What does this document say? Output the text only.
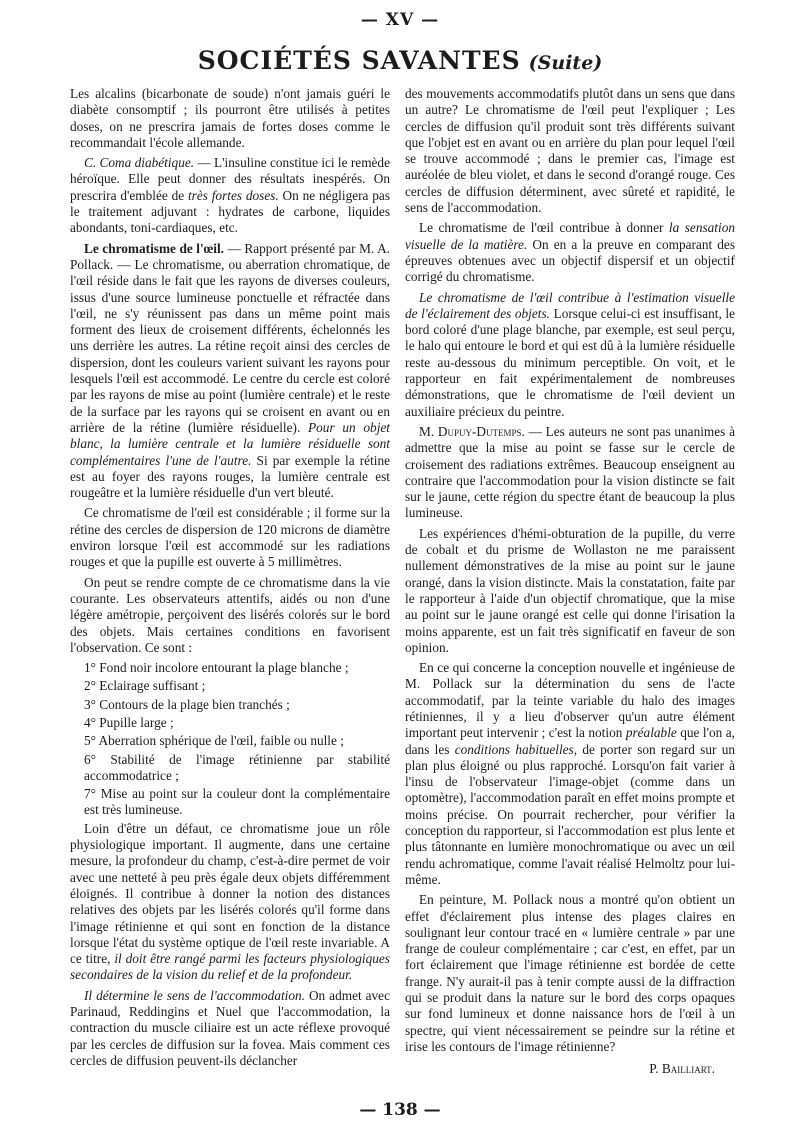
— XV —
SOCIÉTÉS SAVANTES (Suite)

Les alcalins (bicarbonate de soude) n'ont jamais guéri le diabète consomptif ; ils pourront être utilisés à petites doses, on ne prescrira jamais de fortes doses comme le recommandait l'école allemande.

C. Coma diabétique. — L'insuline constitue ici le remède héroïque. Elle peut donner des résultats inespérés. On prescrira d'emblée de très fortes doses. On ne négligera pas le traitement adjuvant : hydrates de carbone, liquides abondants, toni-cardiaques, etc.

Le chromatisme de l'œil. — Rapport présenté par M. A. Pollack. — Le chromatisme, ou aberration chromatique, de l'œil réside dans le fait que les rayons de diverses couleurs, issus d'une source lumineuse ponctuelle et réfractée dans l'œil, ne s'y réunissent pas dans un même point mais forment des lieux de croisement différents, échelonnés les uns derrière les autres. La rétine reçoit ainsi des cercles de dispersion, dont les couleurs varient suivant les rayons pour lesquels l'œil est accommodé. Le centre du cercle est coloré par les rayons de mise au point (lumière centrale) et le reste de la surface par les rayons qui se croisent en avant ou en arrière de la rétine (lumière résiduelle). Pour un objet blanc, la lumière centrale et la lumière résiduelle sont complémentaires l'une de l'autre. Si par exemple la rétine est au foyer des rayons rouges, la lumière centrale est rougeâtre et la lumière résiduelle d'un vert bleuté.

Ce chromatisme de l'œil est considérable ; il forme sur la rétine des cercles de dispersion de 120 microns de diamètre environ lorsque l'œil est accommodé sur les radiations rouges et que la pupille est ouverte à 5 millimètres.

On peut se rendre compte de ce chromatisme dans la vie courante. Les observateurs attentifs, aidés ou non d'une légère amétropie, perçoivent des lisérés colorés sur le bord des objets. Mais certaines conditions en favorisent l'observation. Ce sont :

1° Fond noir incolore entourant la plage blanche ;

2° Eclairage suffisant ;

3° Contours de la plage bien tranchés ;

4° Pupille large ;

5° Aberration sphérique de l'œil, faible ou nulle ;

6° Stabilité de l'image rétinienne par stabilité accommodatrice ;

7° Mise au point sur la couleur dont la complémentaire est très lumineuse.

Loin d'être un défaut, ce chromatisme joue un rôle physiologique important. Il augmente, dans une certaine mesure, la profondeur du champ, c'est-à-dire permet de voir avec une netteté à peu près égale deux objets différemment éloignés. Il contribue à donner la notion des distances relatives des objets par les lisérés colorés qu'il forme dans l'image rétinienne et qui sont en fonction de la distance lorsque l'état du système optique de l'œil reste invariable. A ce titre, il doit être rangé parmi les facteurs physiologiques secondaires de la vision du relief et de la profondeur.

Il détermine le sens de l'accommodation. On admet avec Parinaud, Reddingins et Nuel que l'accommodation, la contraction du muscle ciliaire est un acte réflexe provoqué par les cercles de diffusion sur la fovea. Mais comment ces cercles de diffusion peuvent-ils déclancher

des mouvements accommodatifs plutôt dans un sens que dans un autre? Le chromatisme de l'œil peut l'expliquer ; Les cercles de diffusion qu'il produit sont très différents suivant que l'objet est en avant ou en arrière du plan pour lequel l'œil se trouve accommodé ; dans le premier cas, l'image est auréolée de bleu violet, et dans le second d'orangé rouge. Ces cercles de diffusion déterminent, avec sûreté et rapidité, le sens de l'accommodation.

Le chromatisme de l'œil contribue à donner la sensation visuelle de la matière. On en a la preuve en comparant des épreuves obtenues avec un objectif dispersif et un objectif corrigé du chromatisme.

Le chromatisme de l'œil contribue à l'estimation visuelle de l'éclairement des objets. Lorsque celui-ci est insuffisant, le bord coloré d'une plage blanche, par exemple, est seul perçu, le halo qui entoure le bord et qui est dû à la lumière résiduelle reste au-dessous du minimum perceptible. On voit, et le rapporteur en fait expérimentalement de nombreuses démonstrations, que le chromatisme de l'œil devient un auxiliaire précieux du peintre.

M. Dupuy-Dutemps. — Les auteurs ne sont pas unanimes à admettre que la mise au point se fasse sur le cercle de croisement des radiations extrêmes. Beaucoup enseignent au contraire que l'accommodation pour la vision distincte se fait sur le jaune, cette région du spectre étant de beaucoup la plus lumineuse.

Les expériences d'hémi-obturation de la pupille, du verre de cobalt et du prisme de Wollaston ne me paraissent nullement démonstratives de la mise au point sur le jaune orangé, dans la vision distincte. Mais la constatation, faite par le rapporteur à l'aide d'un objectif chromatique, que la mise au point sur le jaune orangé est celle qui donne l'irisation la moins apparente, est un fait très significatif en faveur de son opinion.

En ce qui concerne la conception nouvelle et ingénieuse de M. Pollack sur la détermination du sens de l'acte accommodatif, par la teinte variable du halo des images rétiniennes, il y a lieu d'observer qu'un autre élément important peut intervenir ; c'est la notion préalable que l'on a, dans les conditions habituelles, de porter son regard sur un plan plus éloigné ou plus rapproché. Lorsqu'on fait varier à l'insu de l'observateur l'image-objet (comme dans un optomètre), l'accommodation paraît en effet moins prompte et moins précise. On pourrait rechercher, pour vérifier la conception du rapporteur, si l'accommodation est plus lente et plus tâtonnante en lumière monochromatique ou avec un œil rendu achromatique, comme l'avait réalisé Helmoltz pour lui-même.

En peinture, M. Pollack nous a montré qu'on obtient un effet d'éclairement plus intense des plages claires en soulignant leur contour tracé en « lumière centrale » par une frange de couleur complémentaire ; car c'est, en effet, par un fort éclairement que l'image rétinienne est bordée de cette frange. N'y aurait-il pas à tenir compte aussi de la diffraction qui se produit dans la nature sur le bord des corps opaques sur fond lumineux et donne naissance hors de l'œil à un spectre, qui vient nécessairement se peindre sur la rétine et irise les contours de l'image rétinienne?

P. Bailliart.

— 138 —
